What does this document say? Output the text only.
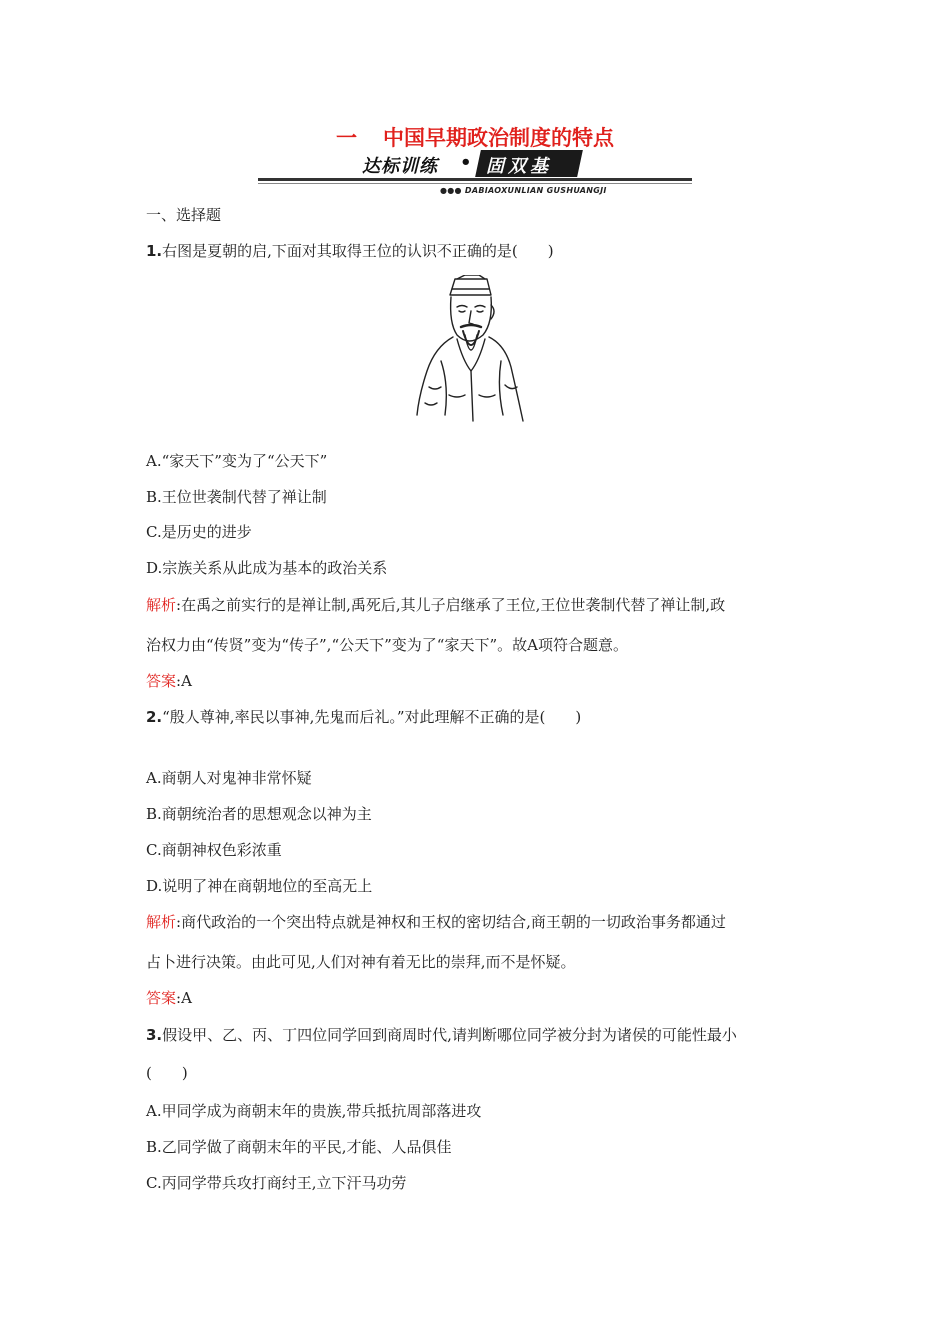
一 中国早期政治制度的特点
达标训练 • 固双基
●●● DABIAOXUNLIAN GUSHUANGJI
一、选择题
1.右图是夏朝的启,下面对其取得王位的认识不正确的是(　　)
A.“家天下”变为了“公天下”
B.王位世袭制代替了禅让制
C.是历史的进步
D.宗族关系从此成为基本的政治关系
解析:在禹之前实行的是禅让制,禹死后,其儿子启继承了王位,王位世袭制代替了禅让制,政
治权力由“传贤”变为“传子”,“公天下”变为了“家天下”。故A项符合题意。
答案:A
2.“殷人尊神,率民以事神,先鬼而后礼。”对此理解不正确的是(　　)
A.商朝人对鬼神非常怀疑
B.商朝统治者的思想观念以神为主
C.商朝神权色彩浓重
D.说明了神在商朝地位的至高无上
解析:商代政治的一个突出特点就是神权和王权的密切结合,商王朝的一切政治事务都通过
占卜进行决策。由此可见,人们对神有着无比的崇拜,而不是怀疑。
答案:A
3.假设甲、乙、丙、丁四位同学回到商周时代,请判断哪位同学被分封为诸侯的可能性最小
(　　)
A.甲同学成为商朝末年的贵族,带兵抵抗周部落进攻
B.乙同学做了商朝末年的平民,才能、人品俱佳
C.丙同学带兵攻打商纣王,立下汗马功劳
